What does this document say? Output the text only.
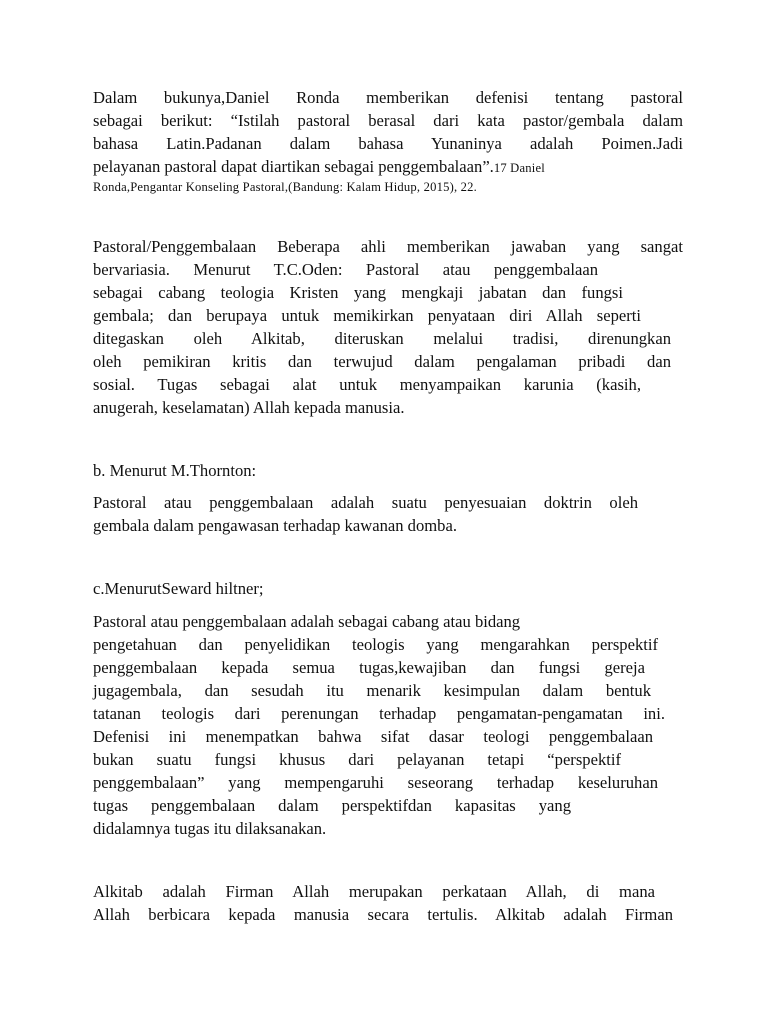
Dalam bukunya,Daniel Ronda memberikan defenisi tentang pastoral
sebagai berikut: “Istilah pastoral berasal dari kata pastor/gembala dalam
bahasa Latin.Padanan dalam bahasa Yunaninya adalah Poimen.Jadi
pelayanan pastoral dapat diartikan sebagai penggembalaan”.17 Daniel
Ronda,Pengantar Konseling Pastoral,(Bandung: Kalam Hidup, 2015), 22.
Pastoral/Penggembalaan Beberapa ahli memberikan jawaban yang sangat
bervariasia. Menurut T.C.Oden: Pastoral atau penggembalaan
sebagai cabang teologia Kristen yang mengkaji jabatan dan fungsi
gembala; dan berupaya untuk memikirkan penyataan diri Allah seperti
ditegaskan oleh Alkitab, diteruskan melalui tradisi, direnungkan
oleh pemikiran kritis dan terwujud dalam pengalaman pribadi dan
sosial. Tugas sebagai alat untuk menyampaikan karunia (kasih,
anugerah, keselamatan) Allah kepada manusia.
b. Menurut M.Thornton:
Pastoral atau penggembalaan adalah suatu penyesuaian doktrin oleh
gembala dalam pengawasan terhadap kawanan domba.
c.MenurutSeward hiltner;
Pastoral atau penggembalaan adalah sebagai cabang atau bidang
pengetahuan dan penyelidikan teologis yang mengarahkan perspektif
penggembalaan kepada semua tugas,kewajiban dan fungsi gereja
jugagembala, dan sesudah itu menarik kesimpulan dalam bentuk
tatanan teologis dari perenungan terhadap pengamatan-pengamatan ini.
Defenisi ini menempatkan bahwa sifat dasar teologi penggembalaan
bukan suatu fungsi khusus dari pelayanan tetapi “perspektif
penggembalaan” yang mempengaruhi seseorang terhadap keseluruhan
tugas penggembalaan dalam perspektifdan kapasitas yang
didalamnya tugas itu dilaksanakan.
Alkitab adalah Firman Allah merupakan perkataan Allah, di mana
Allah berbicara kepada manusia secara tertulis. Alkitab adalah Firman
